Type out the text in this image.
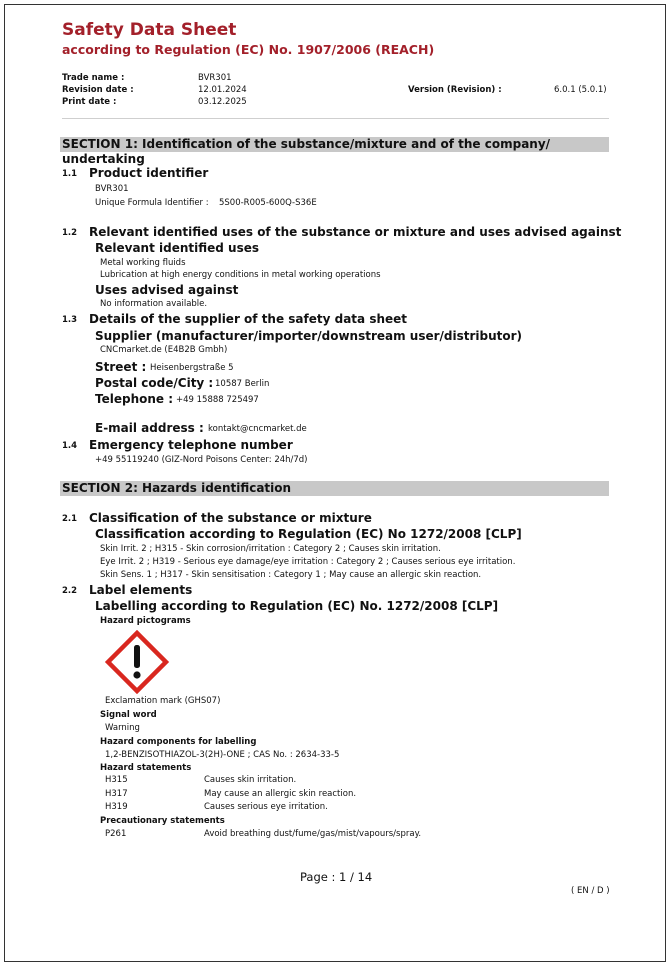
Safety Data Sheet
according to Regulation (EC) No. 1907/2006 (REACH)
Trade name :	BVR301
Revision date :	12.01.2024	Version (Revision) :	6.0.1 (5.0.1)
Print date :	03.12.2025
SECTION 1: Identification of the substance/mixture and of the company/ undertaking
1.1 Product identifier
BVR301
Unique Formula Identifier : 5S00-R005-600Q-S36E
1.2 Relevant identified uses of the substance or mixture and uses advised against
Relevant identified uses
Metal working fluids
Lubrication at high energy conditions in metal working operations
Uses advised against
No information available.
1.3 Details of the supplier of the safety data sheet
Supplier (manufacturer/importer/downstream user/distributor)
CNCmarket.de (E4B2B Gmbh)
Street : Heisenbergstraße 5
Postal code/City : 10587 Berlin
Telephone : +49 15888 725497
E-mail address : kontakt@cncmarket.de
1.4 Emergency telephone number
+49 55119240 (GIZ-Nord Poisons Center: 24h/7d)
SECTION 2: Hazards identification
2.1 Classification of the substance or mixture
Classification according to Regulation (EC) No 1272/2008 [CLP]
Skin Irrit. 2 ; H315 - Skin corrosion/irritation : Category 2 ; Causes skin irritation.
Eye Irrit. 2 ; H319 - Serious eye damage/eye irritation : Category 2 ; Causes serious eye irritation.
Skin Sens. 1 ; H317 - Skin sensitisation : Category 1 ; May cause an allergic skin reaction.
2.2 Label elements
Labelling according to Regulation (EC) No. 1272/2008 [CLP]
Hazard pictograms
Exclamation mark (GHS07)
Signal word
Warning
Hazard components for labelling
1,2-BENZISOTHIAZOL-3(2H)-ONE ; CAS No. : 2634-33-5
Hazard statements
H315	Causes skin irritation.
H317	May cause an allergic skin reaction.
H319	Causes serious eye irritation.
Precautionary statements
P261	Avoid breathing dust/fume/gas/mist/vapours/spray.
Page : 1 / 14
( EN / D )
